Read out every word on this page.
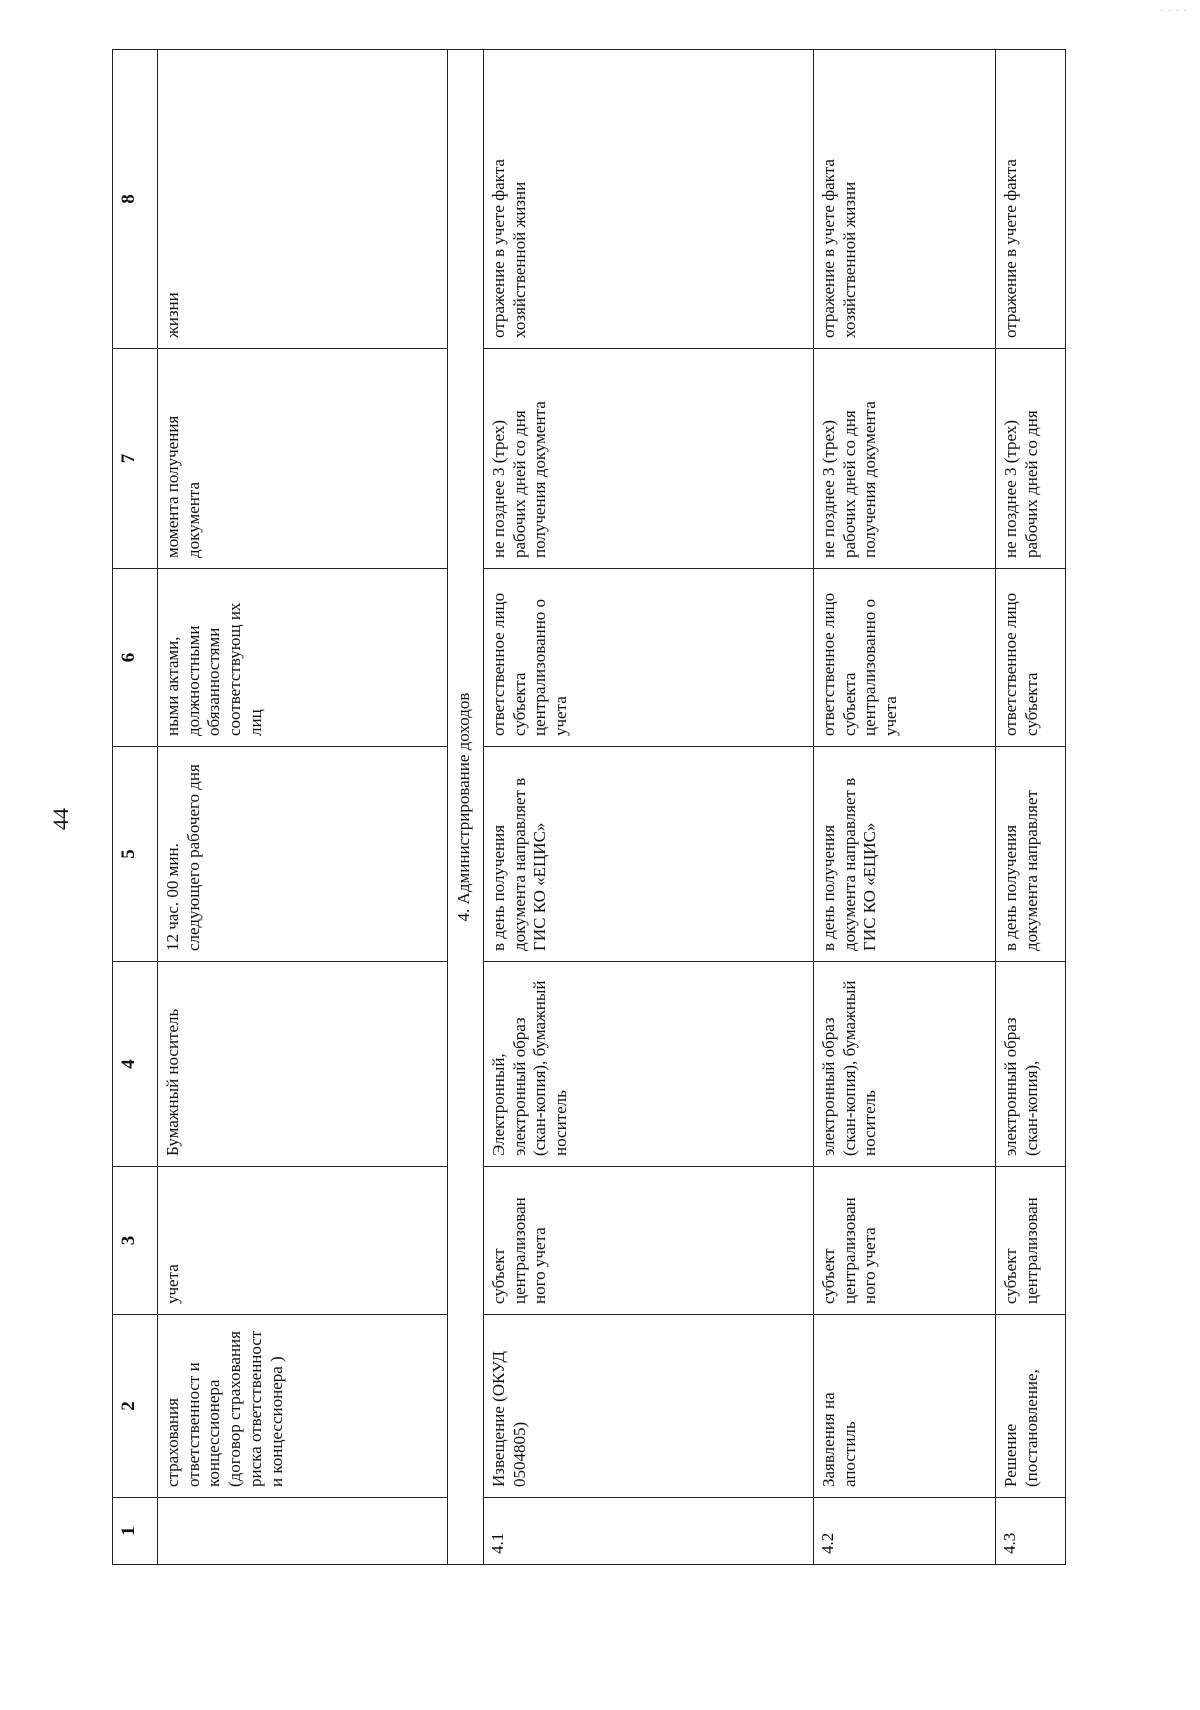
· · · ·
44
1	2	3	4	5	6	7	8
	страхования ответственност и концессионера (договор страхования риска ответственност и концессионера )	учета	Бумажный носитель	12 час. 00 мин. следующего рабочего дня	ными актами, должностными обязанностями соответствующ их лиц	момента получения документа	жизни
4. Администрирование доходов							
4.1	Извещение (ОКУД 0504805)	субъект централизован ного учета	Электронный, электронный образ (скан-копия), бумажный носитель	в день получения документа направляет в ГИС КО «ЕЦИС»	ответственное лицо субъекта централизованно о учета	не позднее 3 (трех) рабочих дней со дня получения документа	отражение в учете факта хозяйственной жизни
4.2	Заявления на апостиль	субъект централизован ного учета	электронный образ (скан-копия), бумажный носитель	в день получения документа направляет в ГИС КО «ЕЦИС»	ответственное лицо субъекта централизованно о учета	не позднее 3 (трех) рабочих дней со дня получения документа	отражение в учете факта хозяйственной жизни
4.3	Решение (постановление,	субъект централизован	электронный образ (скан-копия),	в день получения документа направляет	ответственное лицо субъекта	не позднее 3 (трех) рабочих дней со дня	отражение в учете факта
